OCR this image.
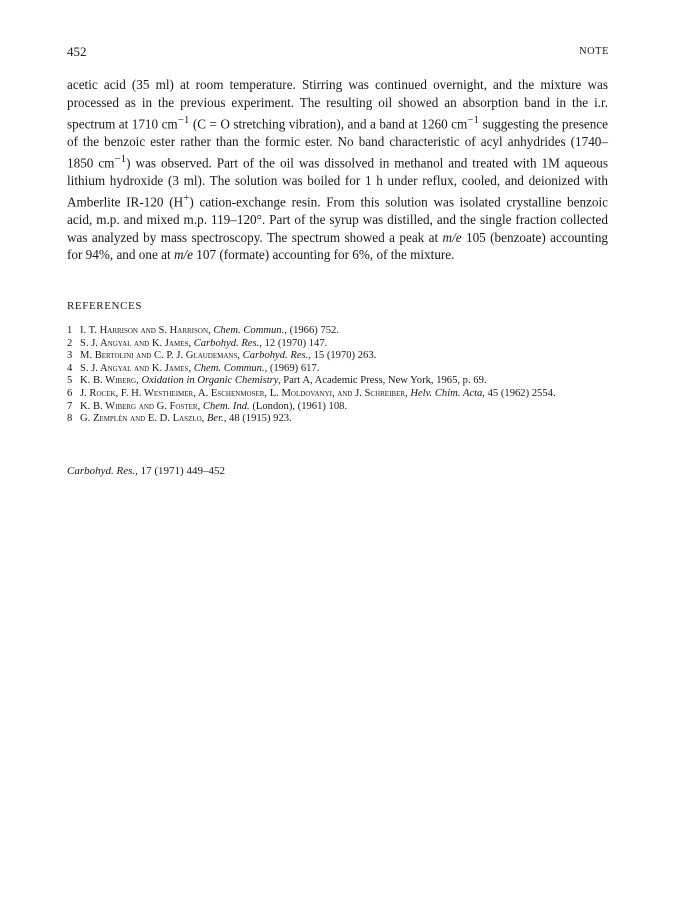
452	NOTE

acetic acid (35 ml) at room temperature. Stirring was continued overnight, and the mixture was processed as in the previous experiment. The resulting oil showed an absorption band in the i.r. spectrum at 1710 $cm^{-1}$ (C = O stretching vibration), and a band at 1260 $cm^{-1}$ suggesting the presence of the benzoic ester rather than the formic ester. No band characteristic of acyl anhydrides (1740–1850 $cm^{-1}$) was observed. Part of the oil was dissolved in methanol and treated with 1M aqueous lithium hydroxide (3 ml). The solution was boiled for 1 h under reflux, cooled, and deionized with Amberlite IR-120 (H+) cation-exchange resin. From this solution was isolated crystalline benzoic acid, m.p. and mixed m.p. 119–120°. Part of the syrup was distilled, and the single fraction collected was analyzed by mass spectroscopy. The spectrum showed a peak at m/e 105 (benzoate) accounting for 94%, and one at m/e 107 (formate) accounting for 6%, of the mixture.

REFERENCES
1 I. T. Harrison and S. Harrison, Chem. Commun., (1966) 752.
2 S. J. Angyal and K. James, Carbohyd. Res., 12 (1970) 147.
3 M. Bertolini and C. P. J. Glaudemans, Carbohyd. Res., 15 (1970) 263.
4 S. J. Angyal and K. James, Chem. Commun., (1969) 617.
5 K. B. Wiberg, Oxidation in Organic Chemistry, Part A, Academic Press, New York, 1965, p. 69.
6 J. Rocek, F. H. Westheimer, A. Eschenmoser, L. Moldovanyi, and J. Schreiber, Helv. Chim. Acta, 45 (1962) 2554.
7 K. B. Wiberg and G. Foster, Chem. Ind. (London), (1961) 108.
8 G. Zemplén and E. D. Laszlo, Ber., 48 (1915) 923.
Carbohyd. Res., 17 (1971) 449–452
